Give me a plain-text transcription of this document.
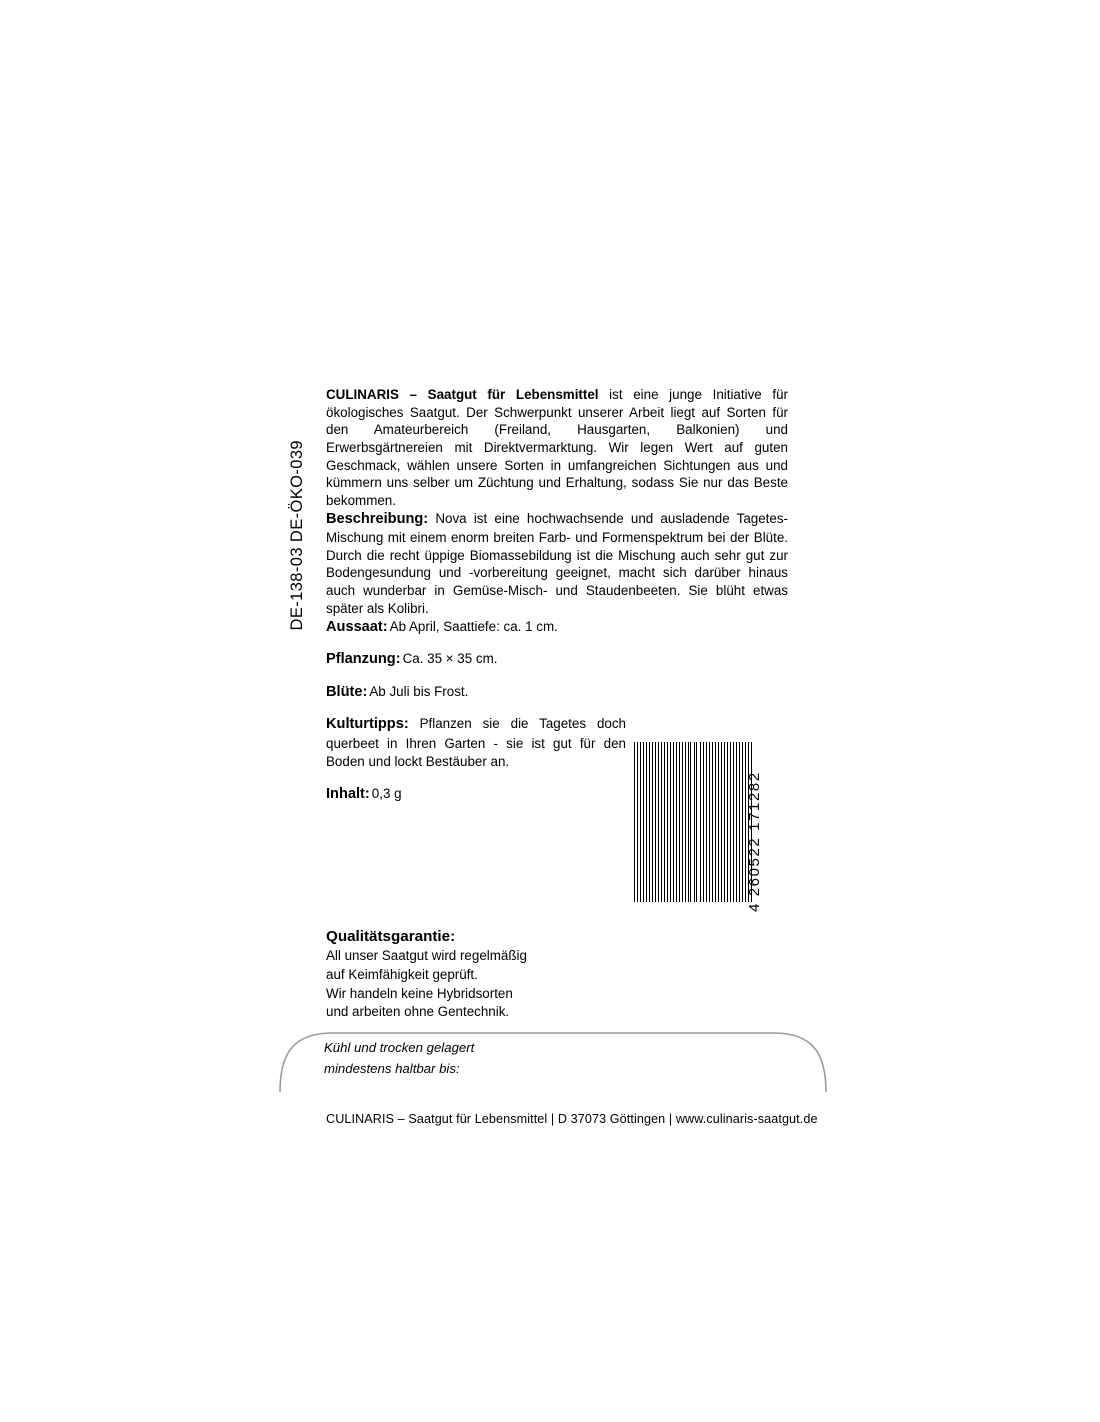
DE-138-03 DE-ÖKO-039

CULINARIS – Saatgut für Lebensmittel ist eine junge Initiative für ökologisches Saatgut. Der Schwerpunkt unserer Arbeit liegt auf Sorten für den Amateurbereich (Freiland, Hausgarten, Balkonien) und Erwerbsgärtnereien mit Direktvermarktung. Wir legen Wert auf guten Geschmack, wählen unsere Sorten in umfangreichen Sichtungen aus und kümmern uns selber um Züchtung und Erhaltung, sodass Sie nur das Beste bekommen.

Beschreibung: Nova ist eine hochwachsende und ausladende Tagetes-Mischung mit einem enorm breiten Farb- und Formenspektrum bei der Blüte. Durch die recht üppige Biomassebildung ist die Mischung auch sehr gut zur Bodengesundung und -vorbereitung geeignet, macht sich darüber hinaus auch wunderbar in Gemüse-Misch- und Staudenbeeten. Sie blüht etwas später als Kolibri.

Aussaat: Ab April, Saattiefe: ca. 1 cm.
Pflanzung: Ca. 35 × 35 cm.
Blüte: Ab Juli bis Frost.
Kulturtipps: Pflanzen sie die Tagetes doch querbeet in Ihren Garten - sie ist gut für den Boden und lockt Bestäuber an.
Inhalt: 0,3 g	4 260522 171282
Qualitätsgarantie:

All unser Saatgut wird regelmäßig

auf Keimfähigkeit geprüft.

Wir handeln keine Hybridsorten

und arbeiten ohne Gentechnik.

Kühl und trocken gelagert
mindestens haltbar bis:
CULINARIS – Saatgut für Lebensmittel | D 37073 Göttingen | www.culinaris-saatgut.de
